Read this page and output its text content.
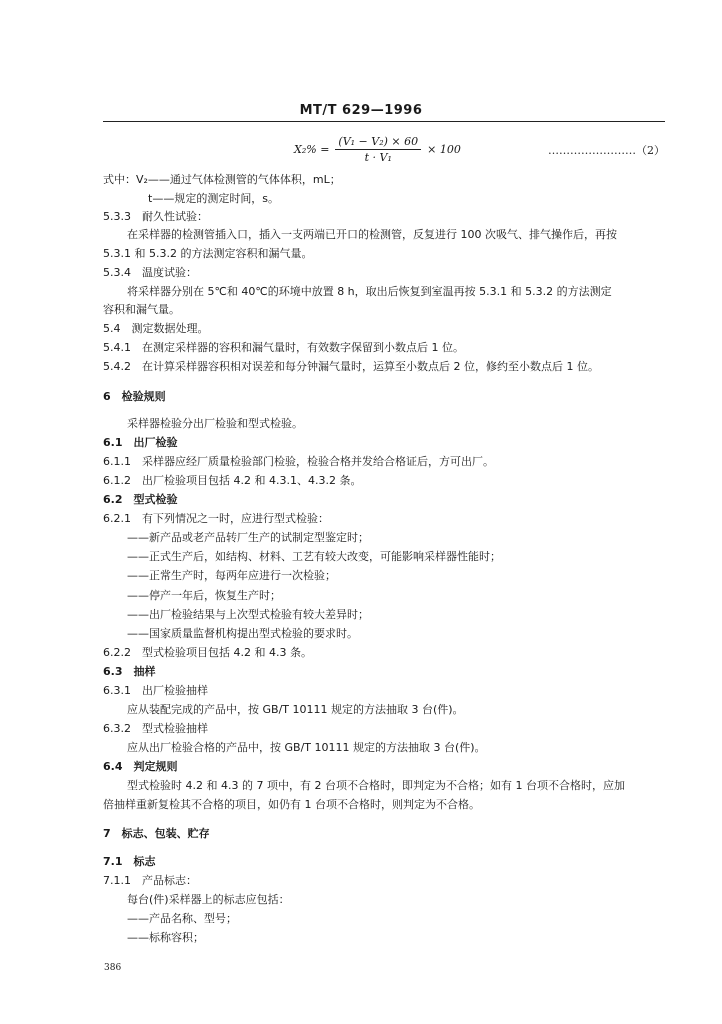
MT/T 629—1996
$X_2\% = \frac{\text{(V₁ − V₂) × 60}}{\text{t · V₁}} \times 100$	……………………（2）
式中：V₂——通过气体检测管的气体体积，mL；
t——规定的测定时间，s。
5.3.3　耐久性试验：
在采样器的检测管插入口，插入一支两端已开口的检测管，反复进行 100 次吸气、排气操作后，再按
5.3.1 和 5.3.2 的方法测定容积和漏气量。
5.3.4　温度试验：
将采样器分别在 5℃和 40℃的环境中放置 8 h，取出后恢复到室温再按 5.3.1 和 5.3.2 的方法测定
容积和漏气量。
5.4　测定数据处理。
5.4.1　在测定采样器的容积和漏气量时，有效数字保留到小数点后 1 位。
5.4.2　在计算采样器容积相对误差和每分钟漏气量时，运算至小数点后 2 位，修约至小数点后 1 位。
6　检验规则
采样器检验分出厂检验和型式检验。
6.1　出厂检验
6.1.1　采样器应经厂质量检验部门检验，检验合格并发给合格证后，方可出厂。
6.1.2　出厂检验项目包括 4.2 和 4.3.1、4.3.2 条。
6.2　型式检验
6.2.1　有下列情况之一时，应进行型式检验：
——新产品或老产品转厂生产的试制定型鉴定时；
——正式生产后，如结构、材料、工艺有较大改变，可能影响采样器性能时；
——正常生产时，每两年应进行一次检验；
——停产一年后，恢复生产时；
——出厂检验结果与上次型式检验有较大差异时；
——国家质量监督机构提出型式检验的要求时。
6.2.2　型式检验项目包括 4.2 和 4.3 条。
6.3　抽样
6.3.1　出厂检验抽样
应从装配完成的产品中，按 GB/T 10111 规定的方法抽取 3 台(件)。
6.3.2　型式检验抽样
应从出厂检验合格的产品中，按 GB/T 10111 规定的方法抽取 3 台(件)。
6.4　判定规则
型式检验时 4.2 和 4.3 的 7 项中，有 2 台项不合格时，即判定为不合格；如有 1 台项不合格时，应加
倍抽样重新复检其不合格的项目，如仍有 1 台项不合格时，则判定为不合格。
7　标志、包装、贮存
7.1　标志
7.1.1　产品标志：
每台(件)采样器上的标志应包括：
——产品名称、型号；
——标称容积；
386
